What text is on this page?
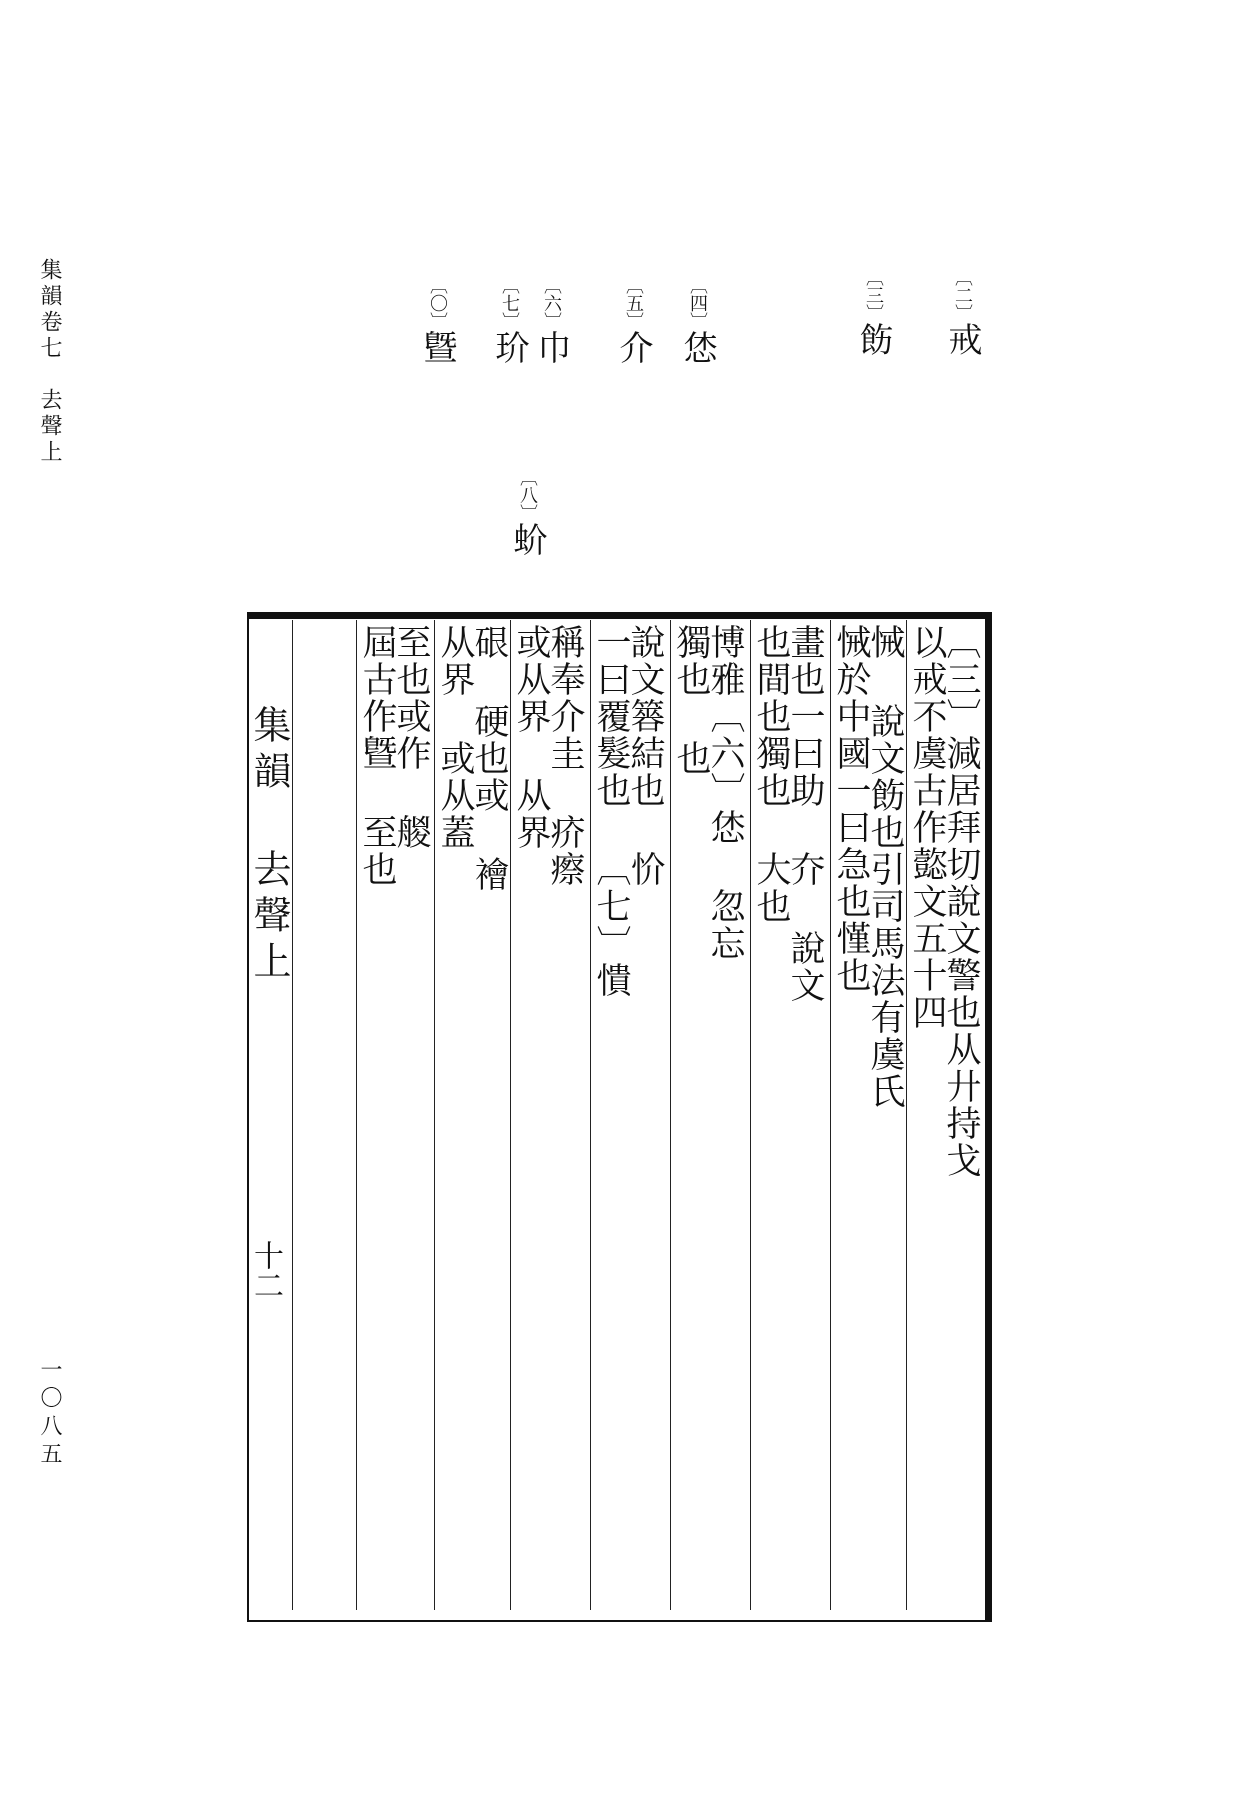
集韻卷七　去聲上
一〇八五
〔二〕戒
〔三〕飭
〔四〕恷
〔五〕介
〔六〕巾
〔七〕玠
〔八〕蚧
〔〇〕曁
集韻 去聲上
十二
〔三〕減居拜切說文警也从廾持戈
以戒不虞古作㦤文五十四
悈 說文飭也引司馬法有虞氏
悈於中國一曰急也慬也
畫也一曰助 夰 說文
也間也獨也 大也
博雅〔六〕恷 忽忘
獨也 也
說文簭結也 忦
一曰覆髮也 〔七〕憒
稱奉介圭 疥瘵
或从界 从界
硍 硬也或 襘
从界 或从蓋
至也或作 艐
屆古作曁 至也
